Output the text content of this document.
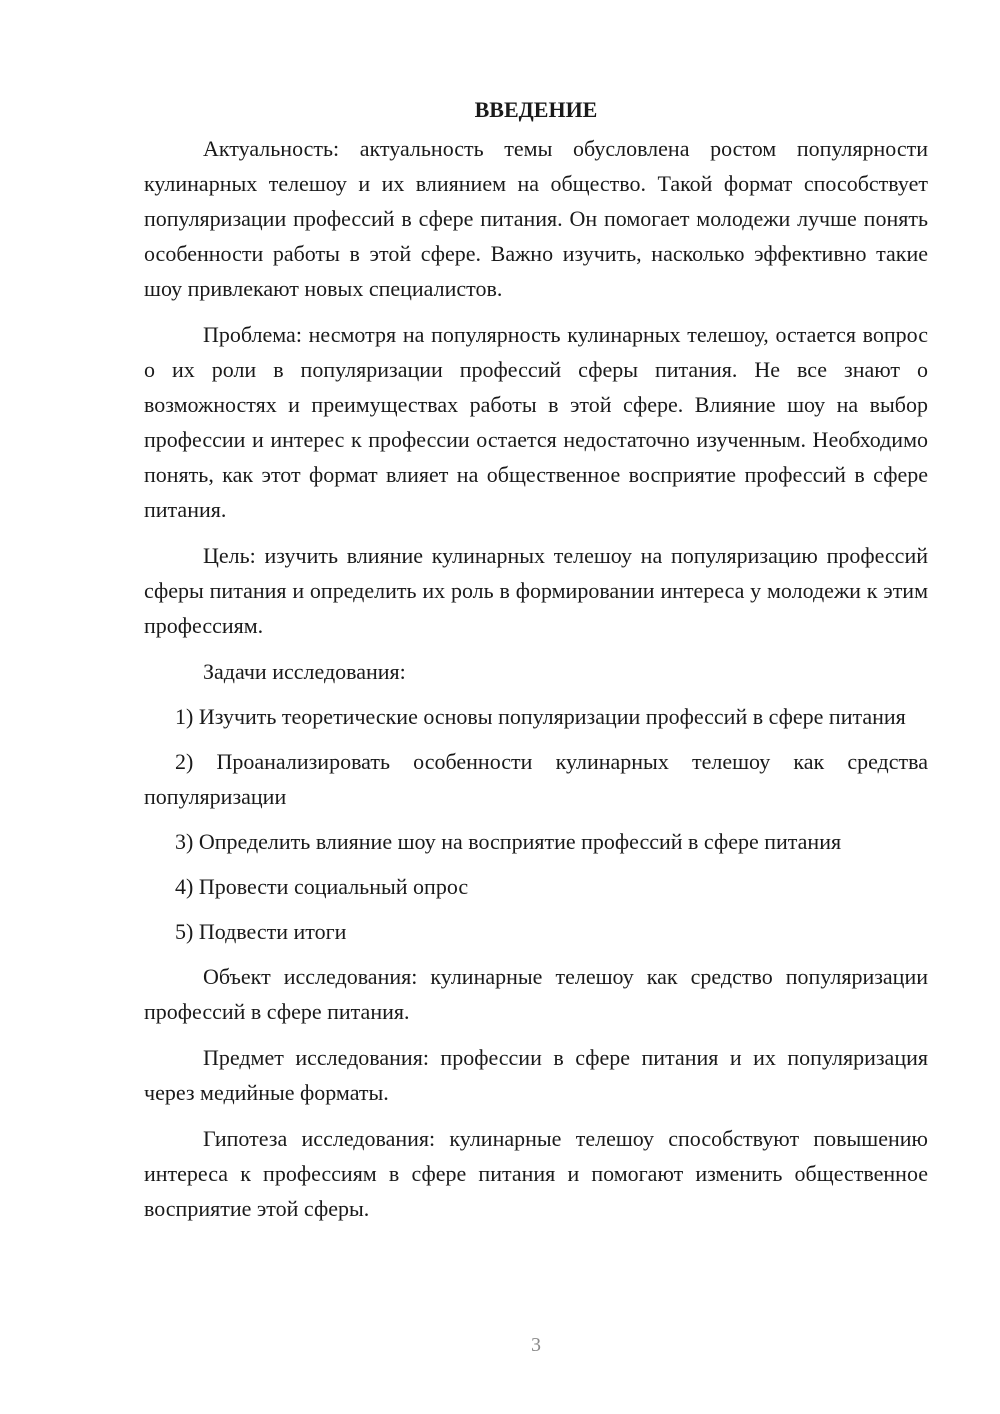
ВВЕДЕНИЕ

Актуальность: актуальность темы обусловлена ростом популярности кулинарных телешоу и их влиянием на общество. Такой формат способствует популяризации профессий в сфере питания. Он помогает молодежи лучше понять особенности работы в этой сфере. Важно изучить, насколько эффективно такие шоу привлекают новых специалистов.

Проблема: несмотря на популярность кулинарных телешоу, остается вопрос о их роли в популяризации профессий сферы питания. Не все знают о возможностях и преимуществах работы в этой сфере. Влияние шоу на выбор профессии и интерес к профессии остается недостаточно изученным. Необходимо понять, как этот формат влияет на общественное восприятие профессий в сфере питания.

Цель: изучить влияние кулинарных телешоу на популяризацию профессий сферы питания и определить их роль в формировании интереса у молодежи к этим профессиям.

Задачи исследования:

1) Изучить теоретические основы популяризации профессий в сфере питания

2) Проанализировать особенности кулинарных телешоу как средства популяризации

3) Определить влияние шоу на восприятие профессий в сфере питания

4) Провести социальный опрос

5) Подвести итоги

Объект исследования: кулинарные телешоу как средство популяризации профессий в сфере питания.

Предмет исследования: профессии в сфере питания и их популяризация через медийные форматы.

Гипотеза исследования: кулинарные телешоу способствуют повышению интереса к профессиям в сфере питания и помогают изменить общественное восприятие этой сферы.

3
